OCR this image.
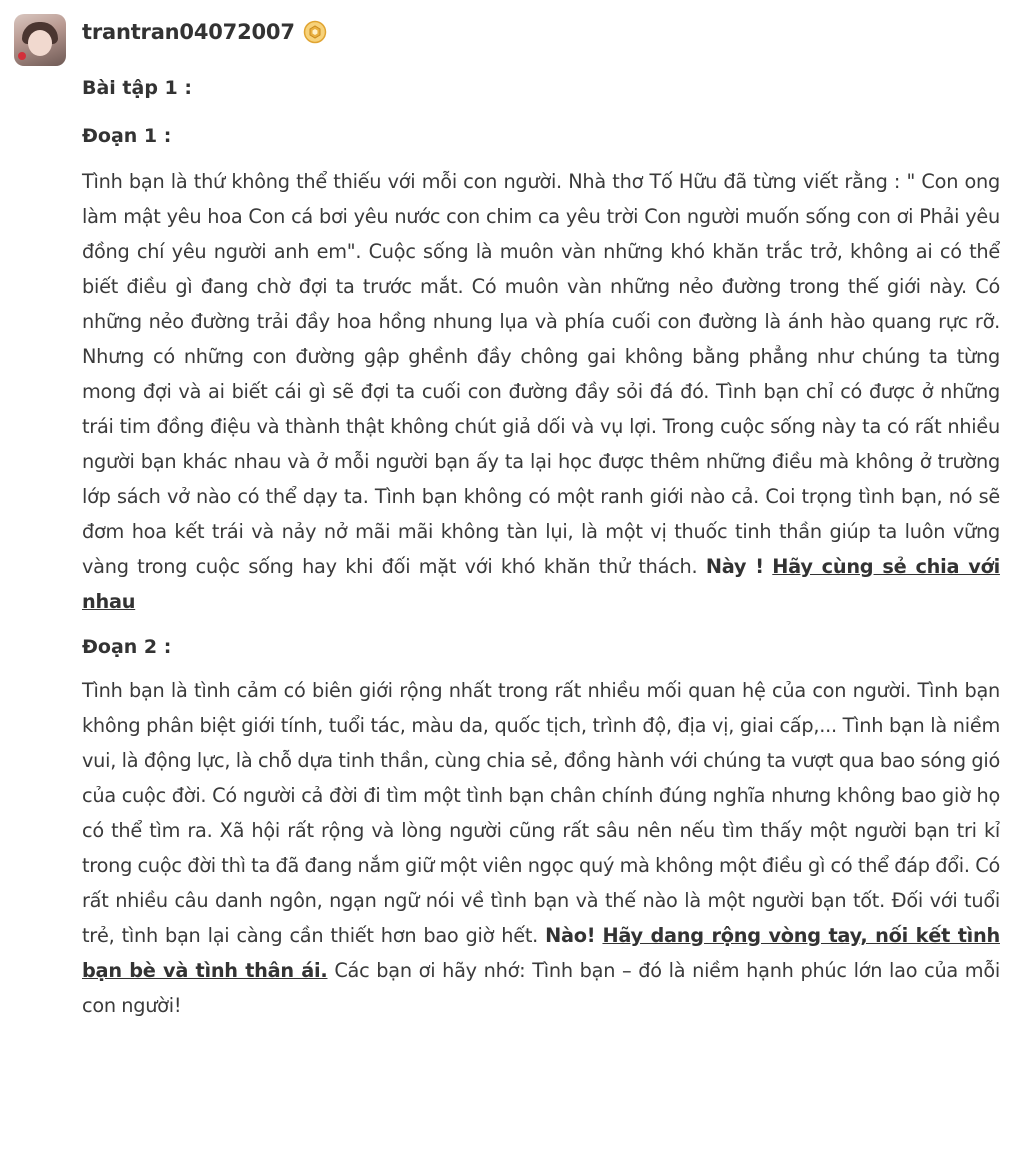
trantran04072007

Bài tập 1 :

Đoạn 1 :

Tình bạn là thứ không thể thiếu với mỗi con người. Nhà thơ Tố Hữu đã từng viết rằng : " Con ong làm mật yêu hoa Con cá bơi yêu nước con chim ca yêu trời Con người muốn sống con ơi Phải yêu đồng chí yêu người anh em". Cuộc sống là muôn vàn những khó khăn trắc trở, không ai có thể biết điều gì đang chờ đợi ta trước mắt. Có muôn vàn những nẻo đường trong thế giới này. Có những nẻo đường trải đầy hoa hồng nhung lụa và phía cuối con đường là ánh hào quang rực rỡ. Nhưng có những con đường gập ghềnh đầy chông gai không bằng phẳng như chúng ta từng mong đợi và ai biết cái gì sẽ đợi ta cuối con đường đầy sỏi đá đó. Tình bạn chỉ có được ở những trái tim đồng điệu và thành thật không chút giả dối và vụ lợi. Trong cuộc sống này ta có rất nhiều người bạn khác nhau và ở mỗi người bạn ấy ta lại học được thêm những điều mà không ở trường lớp sách vở nào có thể dạy ta. Tình bạn không có một ranh giới nào cả. Coi trọng tình bạn, nó sẽ đơm hoa kết trái và nảy nở mãi mãi không tàn lụi, là một vị thuốc tinh thần giúp ta luôn vững vàng trong cuộc sống hay khi đối mặt với khó khăn thử thách. Này ! Hãy cùng sẻ chia với nhau

Đoạn 2 :

Tình bạn là tình cảm có biên giới rộng nhất trong rất nhiều mối quan hệ của con người. Tình bạn không phân biệt giới tính, tuổi tác, màu da, quốc tịch, trình độ, địa vị, giai cấp,... Tình bạn là niềm vui, là động lực, là chỗ dựa tinh thần, cùng chia sẻ, đồng hành với chúng ta vượt qua bao sóng gió của cuộc đời. Có người cả đời đi tìm một tình bạn chân chính đúng nghĩa nhưng không bao giờ họ có thể tìm ra. Xã hội rất rộng và lòng người cũng rất sâu nên nếu tìm thấy một người bạn tri kỉ trong cuộc đời thì ta đã đang nắm giữ một viên ngọc quý mà không một điều gì có thể đáp đổi. Có rất nhiều câu danh ngôn, ngạn ngữ nói về tình bạn và thế nào là một người bạn tốt. Đối với tuổi trẻ, tình bạn lại càng cần thiết hơn bao giờ hết. Nào! Hãy dang rộng vòng tay, nối kết tình bạn bè và tình thân ái. Các bạn ơi hãy nhớ: Tình bạn – đó là niềm hạnh phúc lớn lao của mỗi con người!
